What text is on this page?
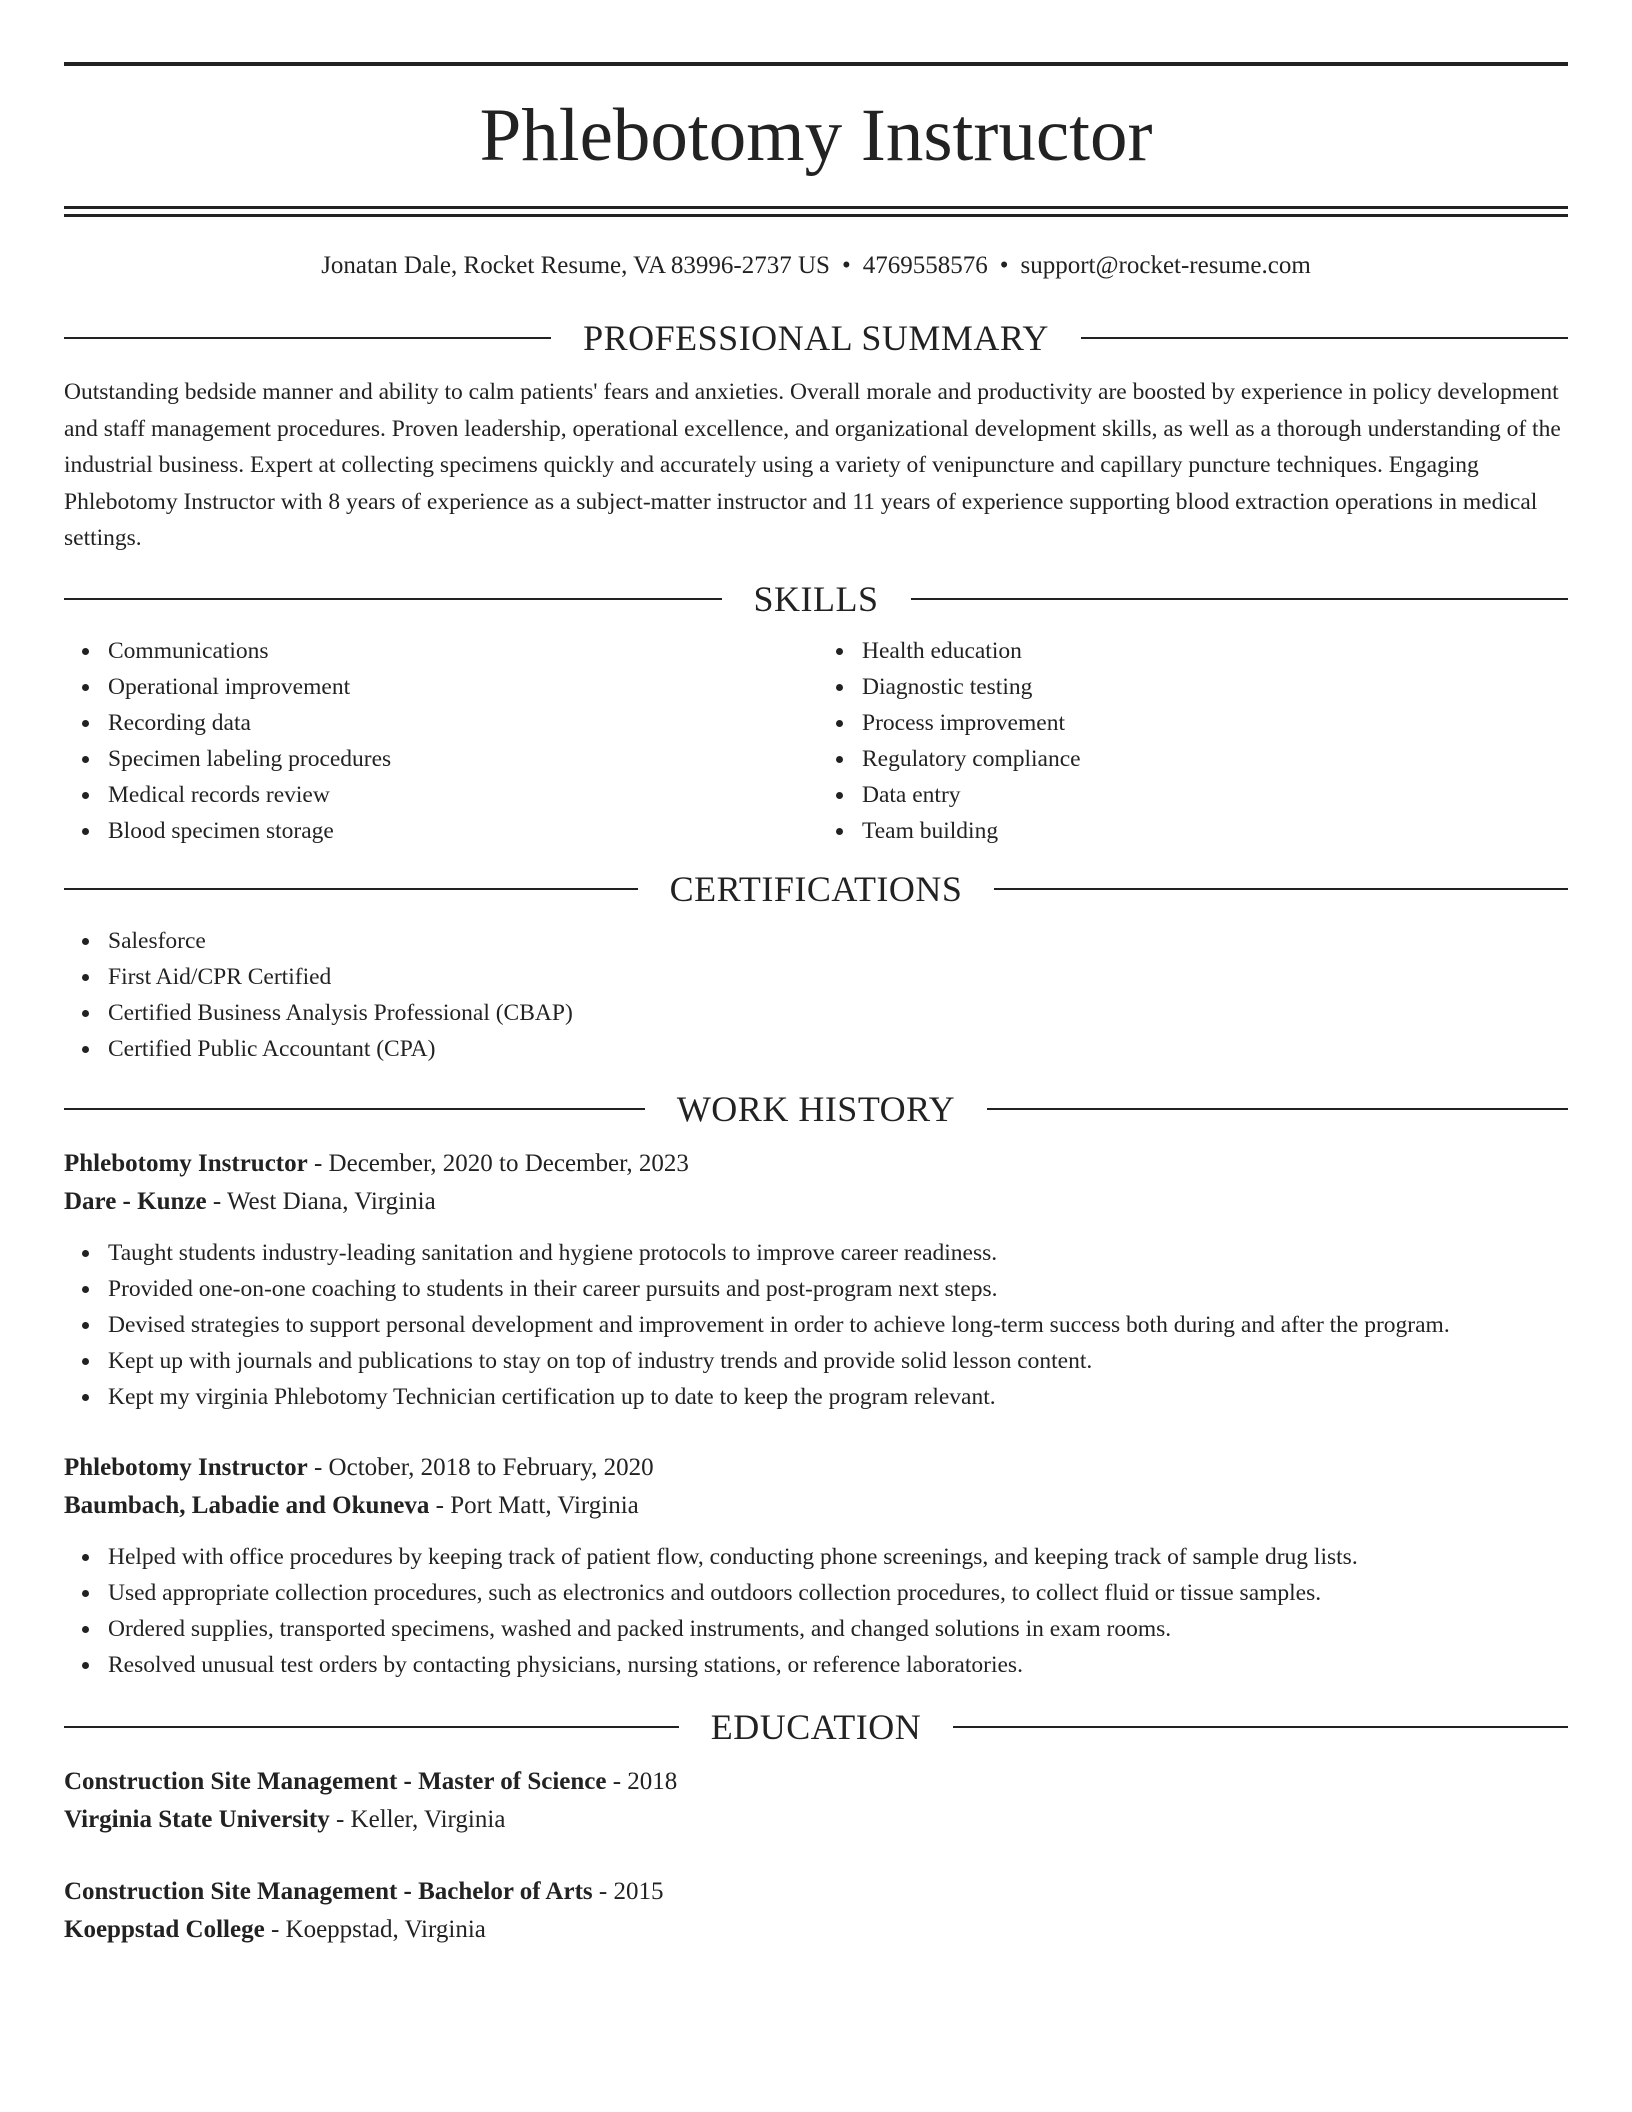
Phlebotomy Instructor
Jonatan Dale, Rocket Resume, VA 83996-2737 US • 4769558576 • support@rocket-resume.com
PROFESSIONAL SUMMARY
Outstanding bedside manner and ability to calm patients' fears and anxieties. Overall morale and productivity are boosted by experience in policy development and staff management procedures. Proven leadership, operational excellence, and organizational development skills, as well as a thorough understanding of the industrial business. Expert at collecting specimens quickly and accurately using a variety of venipuncture and capillary puncture techniques. Engaging Phlebotomy Instructor with 8 years of experience as a subject-matter instructor and 11 years of experience supporting blood extraction operations in medical settings.
SKILLS
Communications
Operational improvement
Recording data
Specimen labeling procedures
Medical records review
Blood specimen storage
Health education
Diagnostic testing
Process improvement
Regulatory compliance
Data entry
Team building
CERTIFICATIONS
Salesforce
First Aid/CPR Certified
Certified Business Analysis Professional (CBAP)
Certified Public Accountant (CPA)
WORK HISTORY
Phlebotomy Instructor - December, 2020 to December, 2023
Dare - Kunze - West Diana, Virginia
Taught students industry-leading sanitation and hygiene protocols to improve career readiness.
Provided one-on-one coaching to students in their career pursuits and post-program next steps.
Devised strategies to support personal development and improvement in order to achieve long-term success both during and after the program.
Kept up with journals and publications to stay on top of industry trends and provide solid lesson content.
Kept my virginia Phlebotomy Technician certification up to date to keep the program relevant.
Phlebotomy Instructor - October, 2018 to February, 2020
Baumbach, Labadie and Okuneva - Port Matt, Virginia
Helped with office procedures by keeping track of patient flow, conducting phone screenings, and keeping track of sample drug lists.
Used appropriate collection procedures, such as electronics and outdoors collection procedures, to collect fluid or tissue samples.
Ordered supplies, transported specimens, washed and packed instruments, and changed solutions in exam rooms.
Resolved unusual test orders by contacting physicians, nursing stations, or reference laboratories.
EDUCATION
Construction Site Management - Master of Science - 2018
Virginia State University - Keller, Virginia
Construction Site Management - Bachelor of Arts - 2015
Koeppstad College - Koeppstad, Virginia
